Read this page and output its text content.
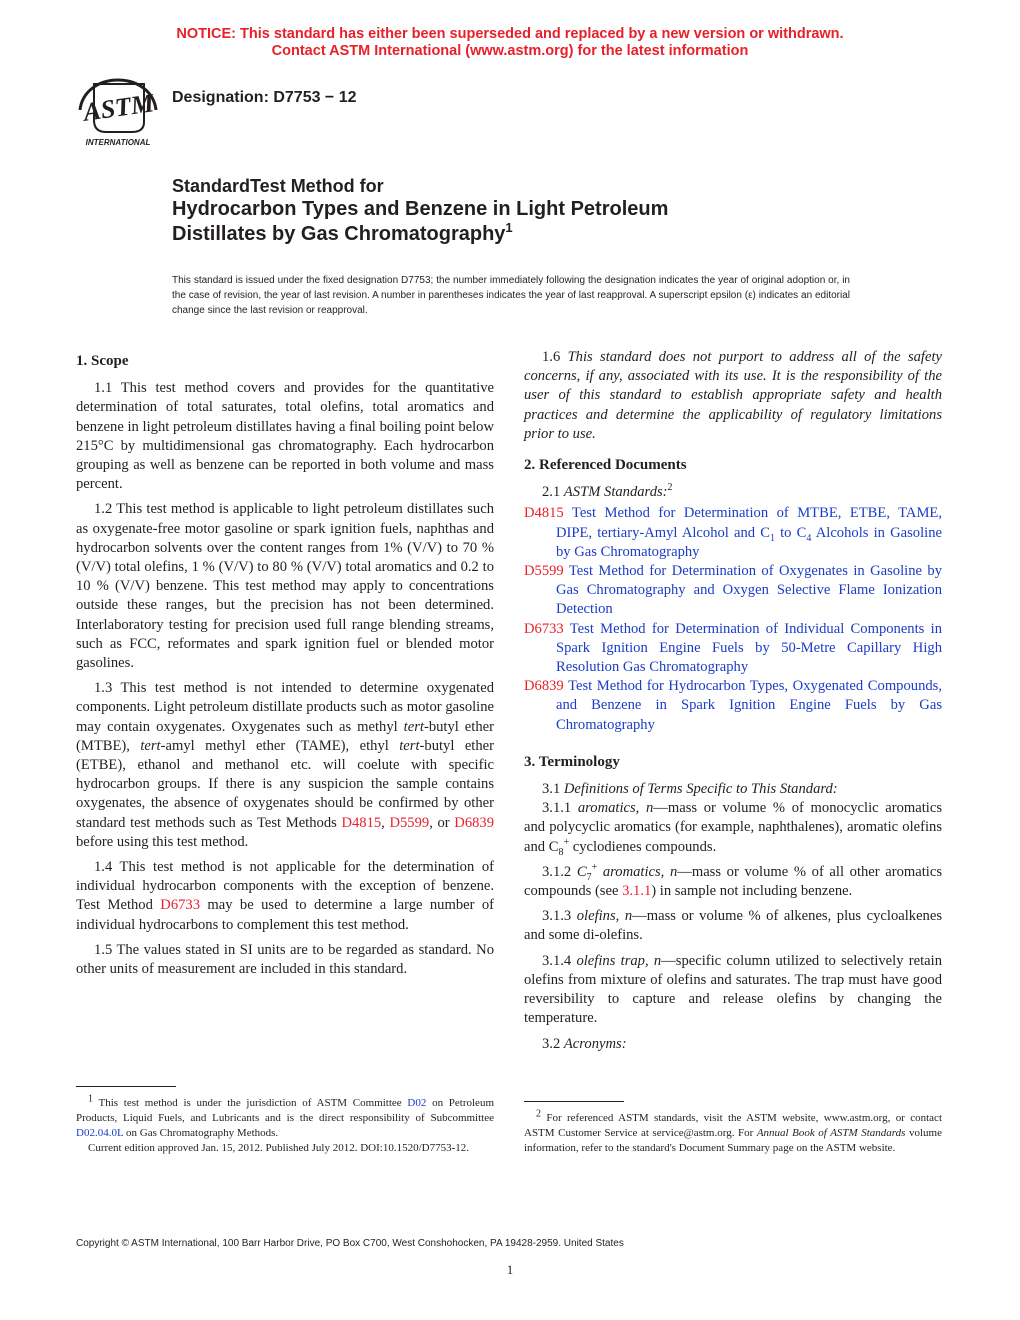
NOTICE: This standard has either been superseded and replaced by a new version or withdrawn.
Contact ASTM International (www.astm.org) for the latest information
ASTM
INTERNATIONAL
Designation: D7753 − 12
StandardTest Method for
Hydrocarbon Types and Benzene in Light Petroleum
Distillates by Gas Chromatography$^1$
This standard is issued under the fixed designation D7753; the number immediately following the designation indicates the year of original adoption or, in the case of revision, the year of last revision. A number in parentheses indicates the year of last reapproval. A superscript epsilon (ε) indicates an editorial change since the last revision or reapproval.
1. Scope

1.1 This test method covers and provides for the quantitative determination of total saturates, total olefins, total aromatics and benzene in light petroleum distillates having a final boiling point below 215°C by multidimensional gas chromatography. Each hydrocarbon grouping as well as benzene can be reported in both volume and mass percent.

1.2 This test method is applicable to light petroleum distillates such as oxygenate-free motor gasoline or spark ignition fuels, naphthas and hydrocarbon solvents over the content ranges from 1% (V/V) to 70 % (V/V) total olefins, 1 % (V/V) to 80 % (V/V) total aromatics and 0.2 to 10 % (V/V) benzene. This test method may apply to concentrations outside these ranges, but the precision has not been determined. Interlaboratory testing for precision used full range blending streams, such as FCC, reformates and spark ignition fuel or blended motor gasolines.

1.3 This test method is not intended to determine oxygenated components. Light petroleum distillate products such as motor gasoline may contain oxygenates. Oxygenates such as methyl tert-butyl ether (MTBE), tert-amyl methyl ether (TAME), ethyl tert-butyl ether (ETBE), ethanol and methanol etc. will coelute with specific hydrocarbon groups. If there is any suspicion the sample contains oxygenates, the absence of oxygenates should be confirmed by other standard test methods such as Test Methods D4815, D5599, or D6839 before using this test method.

1.4 This test method is not applicable for the determination of individual hydrocarbon components with the exception of benzene. Test Method D6733 may be used to determine a large number of individual hydrocarbons to complement this test method.

1.5 The values stated in SI units are to be regarded as standard. No other units of measurement are included in this standard.

1.6 This standard does not purport to address all of the safety concerns, if any, associated with its use. It is the responsibility of the user of this standard to establish appropriate safety and health practices and determine the applicability of regulatory limitations prior to use.

2. Referenced Documents

2.1 ASTM Standards:$^2$

D4815 Test Method for Determination of MTBE, ETBE, TAME, DIPE, tertiary-Amyl Alcohol and $C_1$ to $C_4$ Alcohols in Gasoline by Gas Chromatography
D5599 Test Method for Determination of Oxygenates in Gasoline by Gas Chromatography and Oxygen Selective Flame Ionization Detection
D6733 Test Method for Determination of Individual Components in Spark Ignition Engine Fuels by 50-Metre Capillary High Resolution Gas Chromatography
D6839 Test Method for Hydrocarbon Types, Oxygenated Compounds, and Benzene in Spark Ignition Engine Fuels by Gas Chromatography
3. Terminology

3.1 Definitions of Terms Specific to This Standard:

3.1.1 aromatics, n—mass or volume % of monocyclic aromatics and polycyclic aromatics (for example, naphthalenes), aromatic olefins and $C_8^+$ cyclodienes compounds.

3.1.2 $C_7^+$ aromatics, n—mass or volume % of all other aromatics compounds (see 3.1.1) in sample not including benzene.

3.1.3 olefins, n—mass or volume % of alkenes, plus cycloalkenes and some di-olefins.

3.1.4 olefins trap, n—specific column utilized to selectively retain olefins from mixture of olefins and saturates. The trap must have good reversibility to capture and release olefins by changing the temperature.

3.2 Acronyms:

$^1$ This test method is under the jurisdiction of ASTM Committee D02 on Petroleum Products, Liquid Fuels, and Lubricants and is the direct responsibility of Subcommittee D02.04.0L on Gas Chromatography Methods.

Current edition approved Jan. 15, 2012. Published July 2012. DOI:10.1520/D7753-12.

$^2$ For referenced ASTM standards, visit the ASTM website, www.astm.org, or contact ASTM Customer Service at service@astm.org. For Annual Book of ASTM Standards volume information, refer to the standard's Document Summary page on the ASTM website.

Copyright © ASTM International, 100 Barr Harbor Drive, PO Box C700, West Conshohocken, PA 19428-2959. United States
1
